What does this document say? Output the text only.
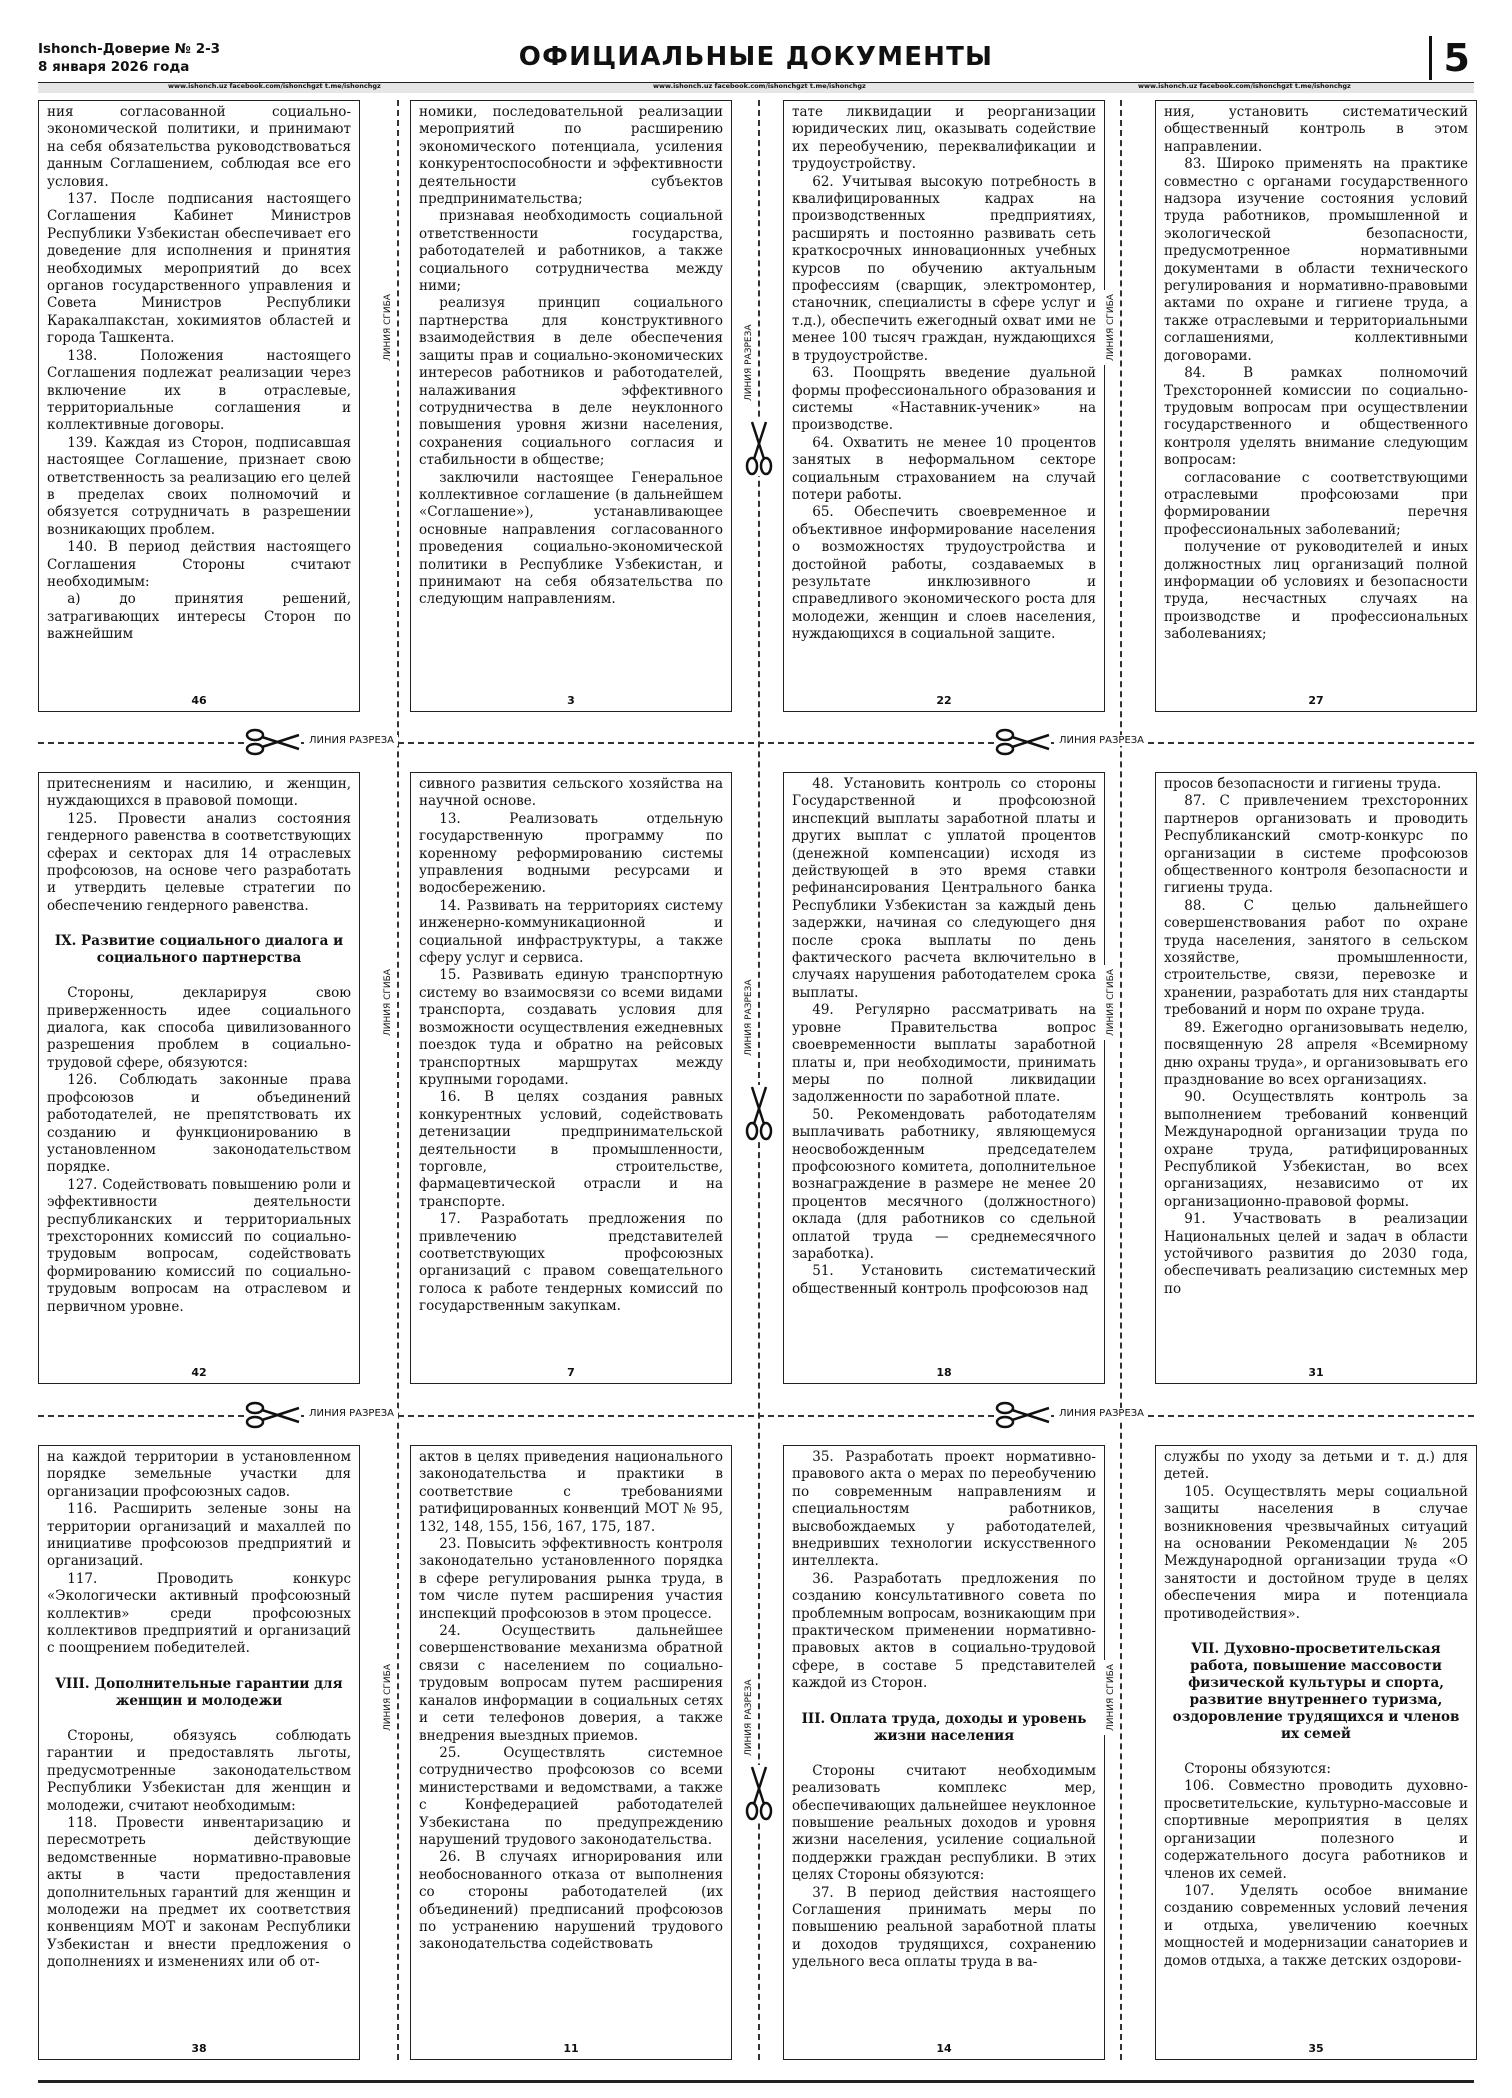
Ishonch-Доверие № 2-3
8 января 2026 года	ОФИЦИАЛЬНЫЕ ДОКУМЕНТЫ	5
www.ishonch.uz facebook.com/ishonchgzt t.me/ishonchgz	www.ishonch.uz facebook.com/ishonchgzt t.me/ishonchgz	www.ishonch.uz facebook.com/ishonchgzt t.me/ishonchgz

ния согласованной социально-экономической политики, и принимают на себя обязательства руководствоваться данным Соглашением, соблюдая все его условия.

137. После подписания настоящего Соглашения Кабинет Министров Республики Узбекистан обеспечивает его доведение для исполнения и принятия необходимых мероприятий до всех органов государственного управления и Совета Министров Республики Каракалпакстан, хокимиятов областей и города Ташкента.

138. Положения настоящего Соглашения подлежат реализации через включение их в отраслевые, территориальные соглашения и коллективные договоры.

139. Каждая из Сторон, подписавшая настоящее Соглашение, признает свою ответственность за реализацию его целей в пределах своих полномочий и обязуется сотрудничать в разрешении возникающих проблем.

140. В период действия настоящего Соглашения Стороны считают необходимым:

а) до принятия решений, затрагивающих интересы Сторон по важнейшим

46

номики, последовательной реализации мероприятий по расширению экономического потенциала, усиления конкурентоспособности и эффективности деятельности субъектов предпринимательства;

признавая необходимость социальной ответственности государства, работодателей и работников, а также социального сотрудничества между ними;

реализуя принцип социального партнерства для конструктивного взаимодействия в деле обеспечения защиты прав и социально-экономических интересов работников и работодателей, налаживания эффективного сотрудничества в деле неуклонного повышения уровня жизни населения, сохранения социального согласия и стабильности в обществе;

заключили настоящее Генеральное коллективное соглашение (в дальнейшем «Соглашение»), устанавливающее основные направления согласованного проведения социально-экономической политики в Республике Узбекистан, и принимают на себя обязательства по следующим направлениям.

3

тате ликвидации и реорганизации юридических лиц, оказывать содействие их переобучению, переквалификации и трудоустройству.

62. Учитывая высокую потребность в квалифицированных кадрах на производственных предприятиях, расширять и постоянно развивать сеть краткосрочных инновационных учебных курсов по обучению актуальным профессиям (сварщик, электромонтер, станочник, специалисты в сфере услуг и т.д.), обеспечить ежегодный охват ими не менее 100 тысяч граждан, нуждающихся в трудоустройстве.

63. Поощрять введение дуальной формы профессионального образования и системы «Наставник-ученик» на производстве.

64. Охватить не менее 10 процентов занятых в неформальном секторе социальным страхованием на случай потери работы.

65. Обеспечить своевременное и объективное информирование населения о возможностях трудоустройства и достойной работы, создаваемых в результате инклюзивного и справедливого экономического роста для молодежи, женщин и слоев населения, нуждающихся в социальной защите.

22

ния, установить систематический общественный контроль в этом направлении.

83. Широко применять на практике совместно с органами государственного надзора изучение состояния условий труда работников, промышленной и экологической безопасности, предусмотренное нормативными документами в области технического регулирования и нормативно-правовыми актами по охране и гигиене труда, а также отраслевыми и территориальными соглашениями, коллективными договорами.

84. В рамках полномочий Трехсторонней комиссии по социально-трудовым вопросам при осуществлении государственного и общественного контроля уделять внимание следующим вопросам:

согласование с соответствующими отраслевыми профсоюзами при формировании перечня профессиональных заболеваний;

получение от руководителей и иных должностных лиц организаций полной информации об условиях и безопасности труда, несчастных случаях на производстве и профессиональных заболеваниях;

27

притеснениям и насилию, и женщин, нуждающихся в правовой помощи.

125. Провести анализ состояния гендерного равенства в соответствующих сферах и секторах для 14 отраслевых профсоюзов, на основе чего разработать и утвердить целевые стратегии по обеспечению гендерного равенства.

IX. Развитие социального диалога и социального партнерства

Стороны, декларируя свою приверженность идее социального диалога, как способа цивилизованного разрешения проблем в социально-трудовой сфере, обязуются:

126. Соблюдать законные права профсоюзов и объединений работодателей, не препятствовать их созданию и функционированию в установленном законодательством порядке.

127. Содействовать повышению роли и эффективности деятельности республиканских и территориальных трехсторонних комиссий по социально-трудовым вопросам, содействовать формированию комиссий по социально-трудовым вопросам на отраслевом и первичном уровне.

42

сивного развития сельского хозяйства на научной основе.

13. Реализовать отдельную государственную программу по коренному реформированию системы управления водными ресурсами и водосбережению.

14. Развивать на территориях систему инженерно-коммуникационной и социальной инфраструктуры, а также сферу услуг и сервиса.

15. Развивать единую транспортную систему во взаимосвязи со всеми видами транспорта, создавать условия для возможности осуществления ежедневных поездок туда и обратно на рейсовых транспортных маршрутах между крупными городами.

16. В целях создания равных конкурентных условий, содействовать детенизации предпринимательской деятельности в промышленности, торговле, строительстве, фармацевтической отрасли и на транспорте.

17. Разработать предложения по привлечению представителей соответствующих профсоюзных организаций с правом совещательного голоса к работе тендерных комиссий по государственным закупкам.

7

48. Установить контроль со стороны Государственной и профсоюзной инспекций выплаты заработной платы и других выплат с уплатой процентов (денежной компенсации) исходя из действующей в это время ставки рефинансирования Центрального банка Республики Узбекистан за каждый день задержки, начиная со следующего дня после срока выплаты по день фактического расчета включительно в случаях нарушения работодателем срока выплаты.

49. Регулярно рассматривать на уровне Правительства вопрос своевременности выплаты заработной платы и, при необходимости, принимать меры по полной ликвидации задолженности по заработной плате.

50. Рекомендовать работодателям выплачивать работнику, являющемуся неосвобожденным председателем профсоюзного комитета, дополнительное вознаграждение в размере не менее 20 процентов месячного (должностного) оклада (для работников со сдельной оплатой труда — среднемесячного заработка).

51. Установить систематический общественный контроль профсоюзов над

18

просов безопасности и гигиены труда.

87. С привлечением трехсторонних партнеров организовать и проводить Республиканский смотр-конкурс по организации в системе профсоюзов общественного контроля безопасности и гигиены труда.

88. С целью дальнейшего совершенствования работ по охране труда населения, занятого в сельском хозяйстве, промышленности, строительстве, связи, перевозке и хранении, разработать для них стандарты требований и норм по охране труда.

89. Ежегодно организовывать неделю, посвященную 28 апреля «Всемирному дню охраны труда», и организовывать его празднование во всех организациях.

90. Осуществлять контроль за выполнением требований конвенций Международной организации труда по охране труда, ратифицированных Республикой Узбекистан, во всех организациях, независимо от их организационно-правовой формы.

91. Участвовать в реализации Национальных целей и задач в области устойчивого развития до 2030 года, обеспечивать реализацию системных мер по

31

на каждой территории в установленном порядке земельные участки для организации профсоюзных садов.

116. Расширить зеленые зоны на территории организаций и махаллей по инициативе профсоюзов предприятий и организаций.

117. Проводить конкурс «Экологически активный профсоюзный коллектив» среди профсоюзных коллективов предприятий и организаций с поощрением победителей.

VIII. Дополнительные гарантии для женщин и молодежи

Стороны, обязуясь соблюдать гарантии и предоставлять льготы, предусмотренные законодательством Республики Узбекистан для женщин и молодежи, считают необходимым:

118. Провести инвентаризацию и пересмотреть действующие ведомственные нормативно-правовые акты в части предоставления дополнительных гарантий для женщин и молодежи на предмет их соответствия конвенциям МОТ и законам Республики Узбекистан и внести предложения о дополнениях и изменениях или об от-

38

актов в целях приведения национального законодательства и практики в соответствие с требованиями ратифицированных конвенций МОТ № 95, 132, 148, 155, 156, 167, 175, 187.

23. Повысить эффективность контроля законодательно установленного порядка в сфере регулирования рынка труда, в том числе путем расширения участия инспекций профсоюзов в этом процессе.

24. Осуществить дальнейшее совершенствование механизма обратной связи с населением по социально-трудовым вопросам путем расширения каналов информации в социальных сетях и сети телефонов доверия, а также внедрения выездных приемов.

25. Осуществлять системное сотрудничество профсоюзов со всеми министерствами и ведомствами, а также с Конфедерацией работодателей Узбекистана по предупреждению нарушений трудового законодательства.

26. В случаях игнорирования или необоснованного отказа от выполнения со стороны работодателей (их объединений) предписаний профсоюзов по устранению нарушений трудового законодательства содействовать

11

35. Разработать проект нормативно-правового акта о мерах по переобучению по современным направлениям и специальностям работников, высвобождаемых у работодателей, внедривших технологии искусственного интеллекта.

36. Разработать предложения по созданию консультативного совета по проблемным вопросам, возникающим при практическом применении нормативно-правовых актов в социально-трудовой сфере, в составе 5 представителей каждой из Сторон.

III. Оплата труда, доходы и уровень жизни населения

Стороны считают необходимым реализовать комплекс мер, обеспечивающих дальнейшее неуклонное повышение реальных доходов и уровня жизни населения, усиление социальной поддержки граждан республики. В этих целях Стороны обязуются:

37. В период действия настоящего Соглашения принимать меры по повышению реальной заработной платы и доходов трудящихся, сохранению удельного веса оплаты труда в ва-

14

службы по уходу за детьми и т. д.) для детей.

105. Осуществлять меры социальной защиты населения в случае возникновения чрезвычайных ситуаций на основании Рекомендации № 205 Международной организации труда «О занятости и достойном труде в целях обеспечения мира и потенциала противодействия».

VII. Духовно-просветительская работа, повышение массовости физической культуры и спорта, развитие внутреннего туризма, оздоровление трудящихся и членов их семей

Стороны обязуются:

106. Совместно проводить духовно-просветительские, культурно-массовые и спортивные мероприятия в целях организации полезного и содержательного досуга работников и членов их семей.

107. Уделять особое внимание созданию современных условий лечения и отдыха, увеличению коечных мощностей и модернизации санаториев и домов отдыха, а также детских оздорови-

35
ЛИНИЯ СГИБА
ЛИНИЯ СГИБА
ЛИНИЯ СГИБА
ЛИНИЯ СГИБА
ЛИНИЯ СГИБА
ЛИНИЯ СГИБА
ЛИНИЯ РАЗРЕЗА
ЛИНИЯ РАЗРЕЗА
ЛИНИЯ РАЗРЕЗА
ЛИНИЯ РАЗРЕЗА	ЛИНИЯ РАЗРЕЗА
ЛИНИЯ РАЗРЕЗА	ЛИНИЯ РАЗРЕЗА
